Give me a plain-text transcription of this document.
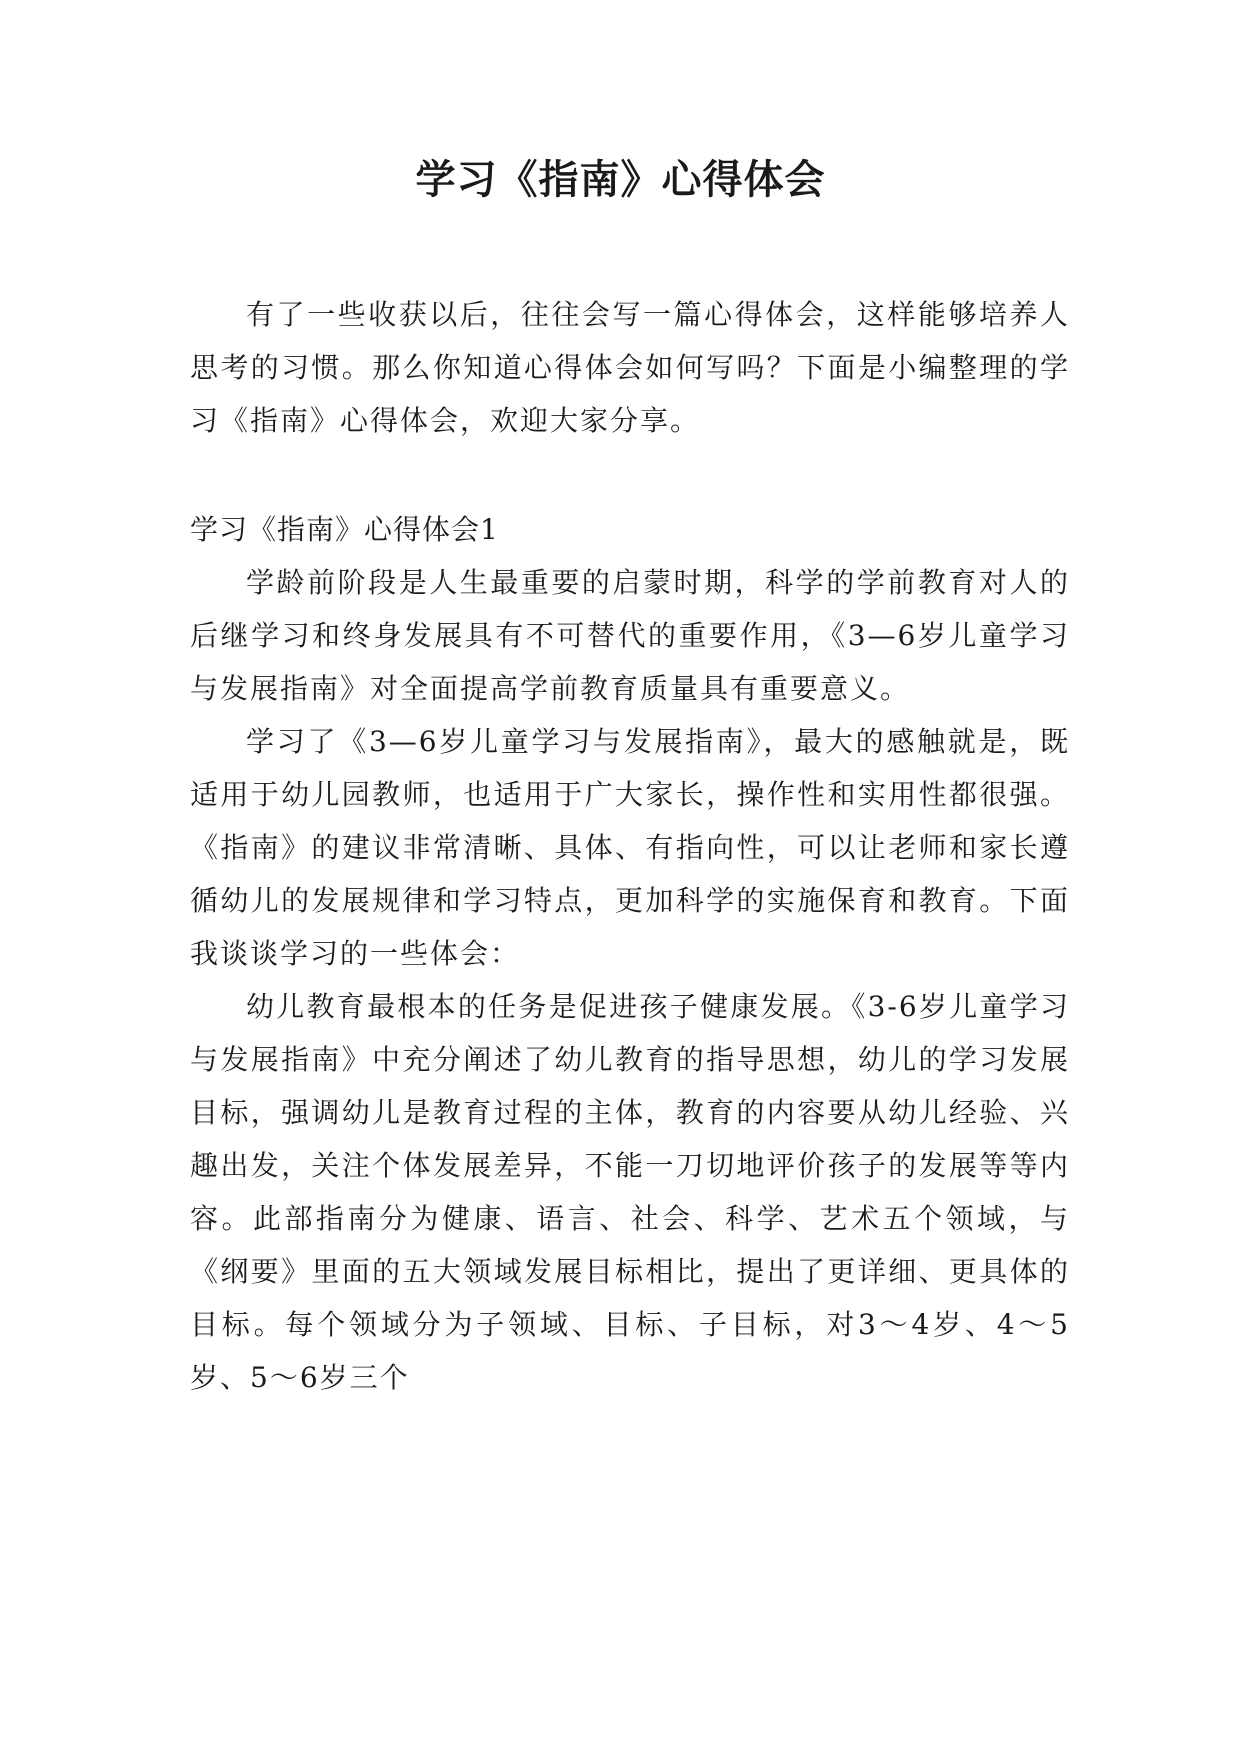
学习《指南》心得体会

有了一些收获以后，往往会写一篇心得体会，这样能够培养人思考的习惯。那么你知道心得体会如何写吗？下面是小编整理的学习《指南》心得体会，欢迎大家分享。

学习《指南》心得体会1

学龄前阶段是人生最重要的启蒙时期，科学的学前教育对人的后继学习和终身发展具有不可替代的重要作用，《3—6岁儿童学习与发展指南》对全面提高学前教育质量具有重要意义。

学习了《3—6岁儿童学习与发展指南》，最大的感触就是，既适用于幼儿园教师，也适用于广大家长，操作性和实用性都很强。《指南》的建议非常清晰、具体、有指向性，可以让老师和家长遵循幼儿的发展规律和学习特点，更加科学的实施保育和教育。下面我谈谈学习的一些体会：

幼儿教育最根本的任务是促进孩子健康发展。《3-6岁儿童学习与发展指南》中充分阐述了幼儿教育的指导思想，幼儿的学习发展目标，强调幼儿是教育过程的主体，教育的内容要从幼儿经验、兴趣出发，关注个体发展差异，不能一刀切地评价孩子的发展等等内容。此部指南分为健康、语言、社会、科学、艺术五个领域，与《纲要》里面的五大领域发展目标相比，提出了更详细、更具体的目标。每个领域分为子领域、目标、子目标，对3～4岁、4～5岁、5～6岁三个
